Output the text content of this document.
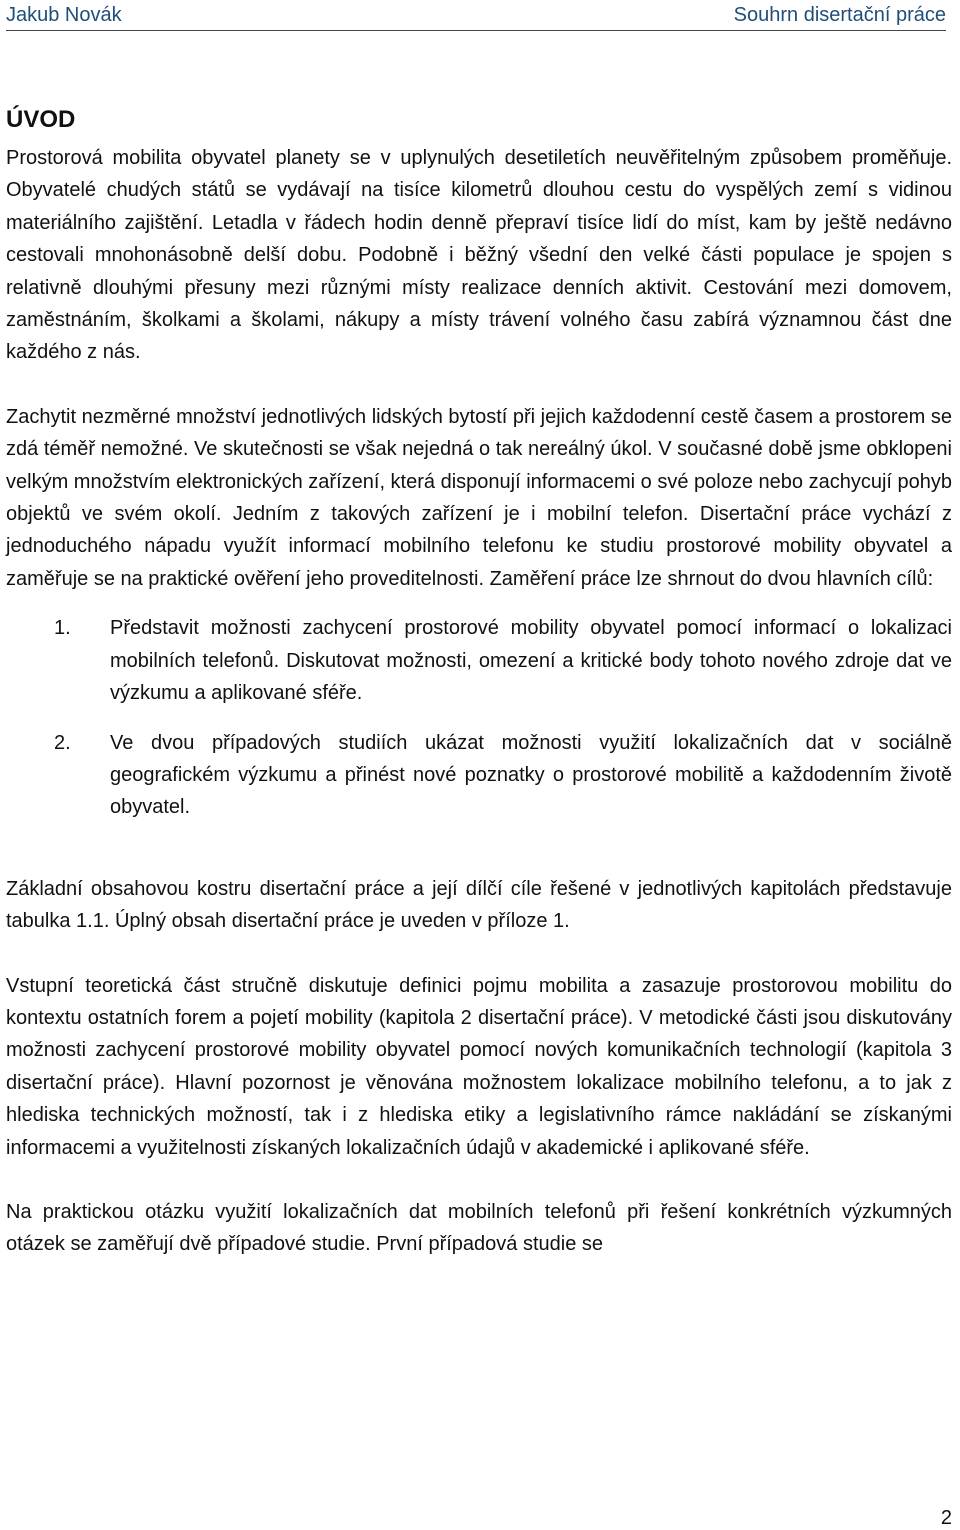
Jakub Novák	Souhrn disertační práce
ÚVOD

Prostorová mobilita obyvatel planety se v uplynulých desetiletích neuvěřitelným způsobem proměňuje. Obyvatelé chudých států se vydávají na tisíce kilometrů dlouhou cestu do vyspělých zemí s vidinou materiálního zajištění. Letadla v řádech hodin denně přepraví tisíce lidí do míst, kam by ještě nedávno cestovali mnohonásobně delší dobu. Podobně i běžný všední den velké části populace je spojen s relativně dlouhými přesuny mezi různými místy realizace denních aktivit. Cestování mezi domovem, zaměstnáním, školkami a školami, nákupy a místy trávení volného času zabírá významnou část dne každého z nás.

Zachytit nezměrné množství jednotlivých lidských bytostí při jejich každodenní cestě časem a prostorem se zdá téměř nemožné. Ve skutečnosti se však nejedná o tak nereálný úkol. V současné době jsme obklopeni velkým množstvím elektronických zařízení, která disponují informacemi o své poloze nebo zachycují pohyb objektů ve svém okolí. Jedním z takových zařízení je i mobilní telefon. Disertační práce vychází z jednoduchého nápadu využít informací mobilního telefonu ke studiu prostorové mobility obyvatel a zaměřuje se na praktické ověření jeho proveditelnosti. Zaměření práce lze shrnout do dvou hlavních cílů:

1.	Představit možnosti zachycení prostorové mobility obyvatel pomocí informací o lokalizaci mobilních telefonů. Diskutovat možnosti, omezení a kritické body tohoto nového zdroje dat ve výzkumu a aplikované sféře.
2.	Ve dvou případových studiích ukázat možnosti využití lokalizačních dat v sociálně geografickém výzkumu a přinést nové poznatky o prostorové mobilitě a každodenním životě obyvatel.

Základní obsahovou kostru disertační práce a její dílčí cíle řešené v jednotlivých kapitolách představuje tabulka 1.1. Úplný obsah disertační práce je uveden v příloze 1.

Vstupní teoretická část stručně diskutuje definici pojmu mobilita a zasazuje prostorovou mobilitu do kontextu ostatních forem a pojetí mobility (kapitola 2 disertační práce). V metodické části jsou diskutovány možnosti zachycení prostorové mobility obyvatel pomocí nových komunikačních technologií (kapitola 3 disertační práce). Hlavní pozornost je věnována možnostem lokalizace mobilního telefonu, a to jak z hlediska technických možností, tak i z hlediska etiky a legislativního rámce nakládání se získanými informacemi a využitelnosti získaných lokalizačních údajů v akademické i aplikované sféře.

Na praktickou otázku využití lokalizačních dat mobilních telefonů při řešení konkrétních výzkumných otázek se zaměřují dvě případové studie. První případová studie se

2
